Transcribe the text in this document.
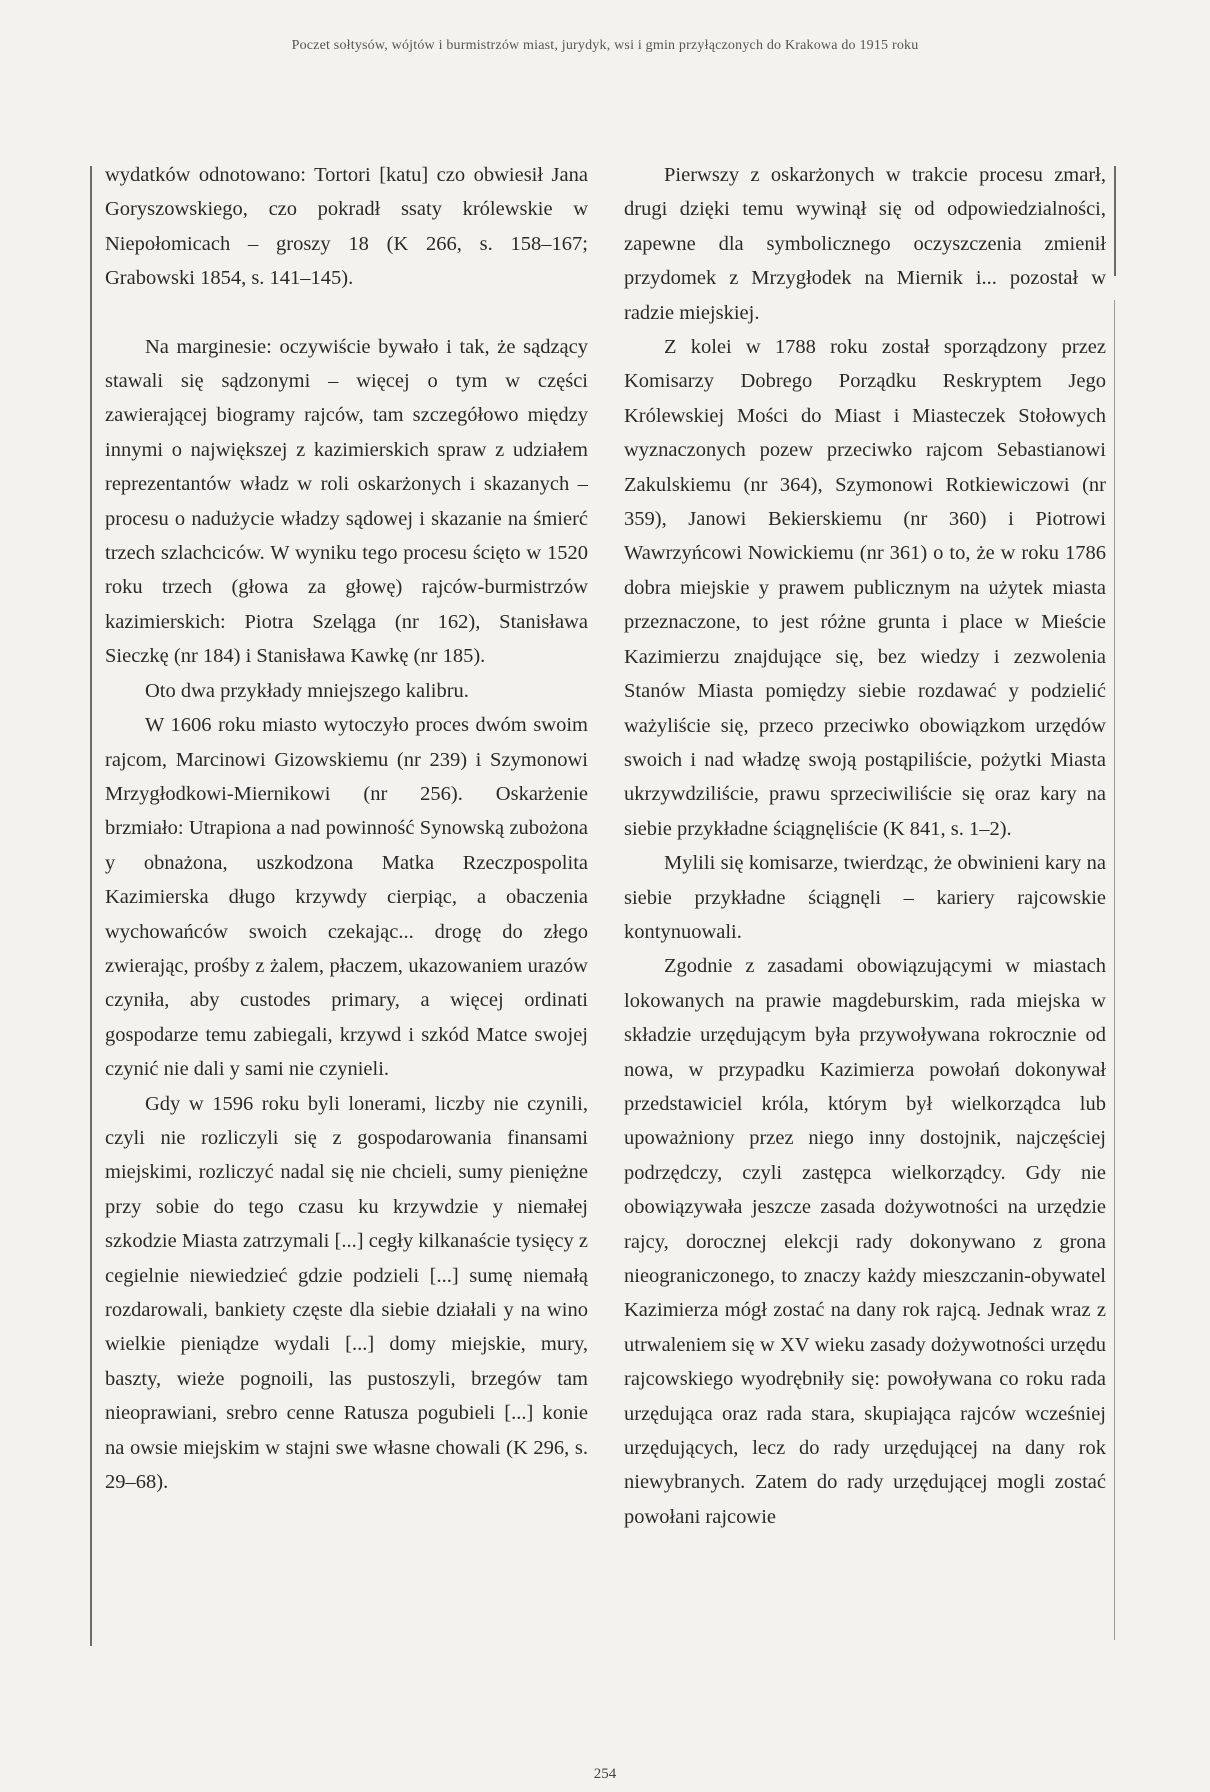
Poczet sołtysów, wójtów i burmistrzów miast, jurydyk, wsi i gmin przyłączonych do Krakowa do 1915 roku

wydatków odnotowano: Tortori [katu] czo obwiesił Jana Goryszowskiego, czo pokradł ssaty królewskie w Niepołomicach – groszy 18 (K 266, s. 158–167; Grabowski 1854, s. 141–145).

Na marginesie: oczywiście bywało i tak, że sądzący stawali się sądzonymi – więcej o tym w części zawierającej biogramy rajców, tam szczegółowo między innymi o największej z kazimierskich spraw z udziałem reprezentantów władz w roli oskarżonych i skazanych – procesu o nadużycie władzy sądowej i skazanie na śmierć trzech szlachciców. W wyniku tego procesu ścięto w 1520 roku trzech (głowa za głowę) rajców-burmistrzów kazimierskich: Piotra Szeląga (nr 162), Stanisława Sieczkę (nr 184) i Stanisława Kawkę (nr 185).

Oto dwa przykłady mniejszego kalibru.

W 1606 roku miasto wytoczyło proces dwóm swoim rajcom, Marcinowi Gizowskiemu (nr 239) i Szymonowi Mrzygłodkowi-Miernikowi (nr 256). Oskarżenie brzmiało: Utrapiona a nad powinność Synowską zubożona y obnażona, uszkodzona Matka Rzeczpospolita Kazimierska długo krzywdy cierpiąc, a obaczenia wychowańców swoich czekając... drogę do złego zwierając, prośby z żalem, płaczem, ukazowaniem urazów czyniła, aby custodes primary, a więcej ordinati gospodarze temu zabiegali, krzywd i szkód Matce swojej czynić nie dali y sami nie czynieli.

Gdy w 1596 roku byli lonerami, liczby nie czynili, czyli nie rozliczyli się z gospodarowania finansami miejskimi, rozliczyć nadal się nie chcieli, sumy pieniężne przy sobie do tego czasu ku krzywdzie y niemałej szkodzie Miasta zatrzymali [...] cegły kilkanaście tysięcy z cegielnie niewiedzieć gdzie podzieli [...] sumę niemałą rozdarowali, bankiety częste dla siebie działali y na wino wielkie pieniądze wydali [...] domy miejskie, mury, baszty, wieże pognoili, las pustoszyli, brzegów tam nieoprawiani, srebro cenne Ratusza pogubieli [...] konie na owsie miejskim w stajni swe własne chowali (K 296, s. 29–68).

Pierwszy z oskarżonych w trakcie procesu zmarł, drugi dzięki temu wywinął się od odpowiedzialności, zapewne dla symbolicznego oczyszczenia zmienił przydomek z Mrzygłodek na Miernik i... pozostał w radzie miejskiej.

Z kolei w 1788 roku został sporządzony przez Komisarzy Dobrego Porządku Reskryptem Jego Królewskiej Mości do Miast i Miasteczek Stołowych wyznaczonych pozew przeciwko rajcom Sebastianowi Zakulskiemu (nr 364), Szymonowi Rotkiewiczowi (nr 359), Janowi Bekierskiemu (nr 360) i Piotrowi Wawrzyńcowi Nowickiemu (nr 361) o to, że w roku 1786 dobra miejskie y prawem publicznym na użytek miasta przeznaczone, to jest różne grunta i place w Mieście Kazimierzu znajdujące się, bez wiedzy i zezwolenia Stanów Miasta pomiędzy siebie rozdawać y podzielić ważyliście się, przeco przeciwko obowiązkom urzędów swoich i nad władzę swoją postąpiliście, pożytki Miasta ukrzywdziliście, prawu sprzeciwiliście się oraz kary na siebie przykładne ściągnęliście (K 841, s. 1–2).

Mylili się komisarze, twierdząc, że obwinieni kary na siebie przykładne ściągnęli – kariery rajcowskie kontynuowali.

Zgodnie z zasadami obowiązującymi w miastach lokowanych na prawie magdeburskim, rada miejska w składzie urzędującym była przywoływana rokrocznie od nowa, w przypadku Kazimierza powołań dokonywał przedstawiciel króla, którym był wielkorządca lub upoważniony przez niego inny dostojnik, najczęściej podrzędczy, czyli zastępca wielkorządcy. Gdy nie obowiązywała jeszcze zasada dożywotności na urzędzie rajcy, dorocznej elekcji rady dokonywano z grona nieograniczonego, to znaczy każdy mieszczanin-obywatel Kazimierza mógł zostać na dany rok rajcą. Jednak wraz z utrwaleniem się w XV wieku zasady dożywotności urzędu rajcowskiego wyodrębniły się: powoływana co roku rada urzędująca oraz rada stara, skupiająca rajców wcześniej urzędujących, lecz do rady urzędującej na dany rok niewybranych. Zatem do rady urzędującej mogli zostać powołani rajcowie

254
